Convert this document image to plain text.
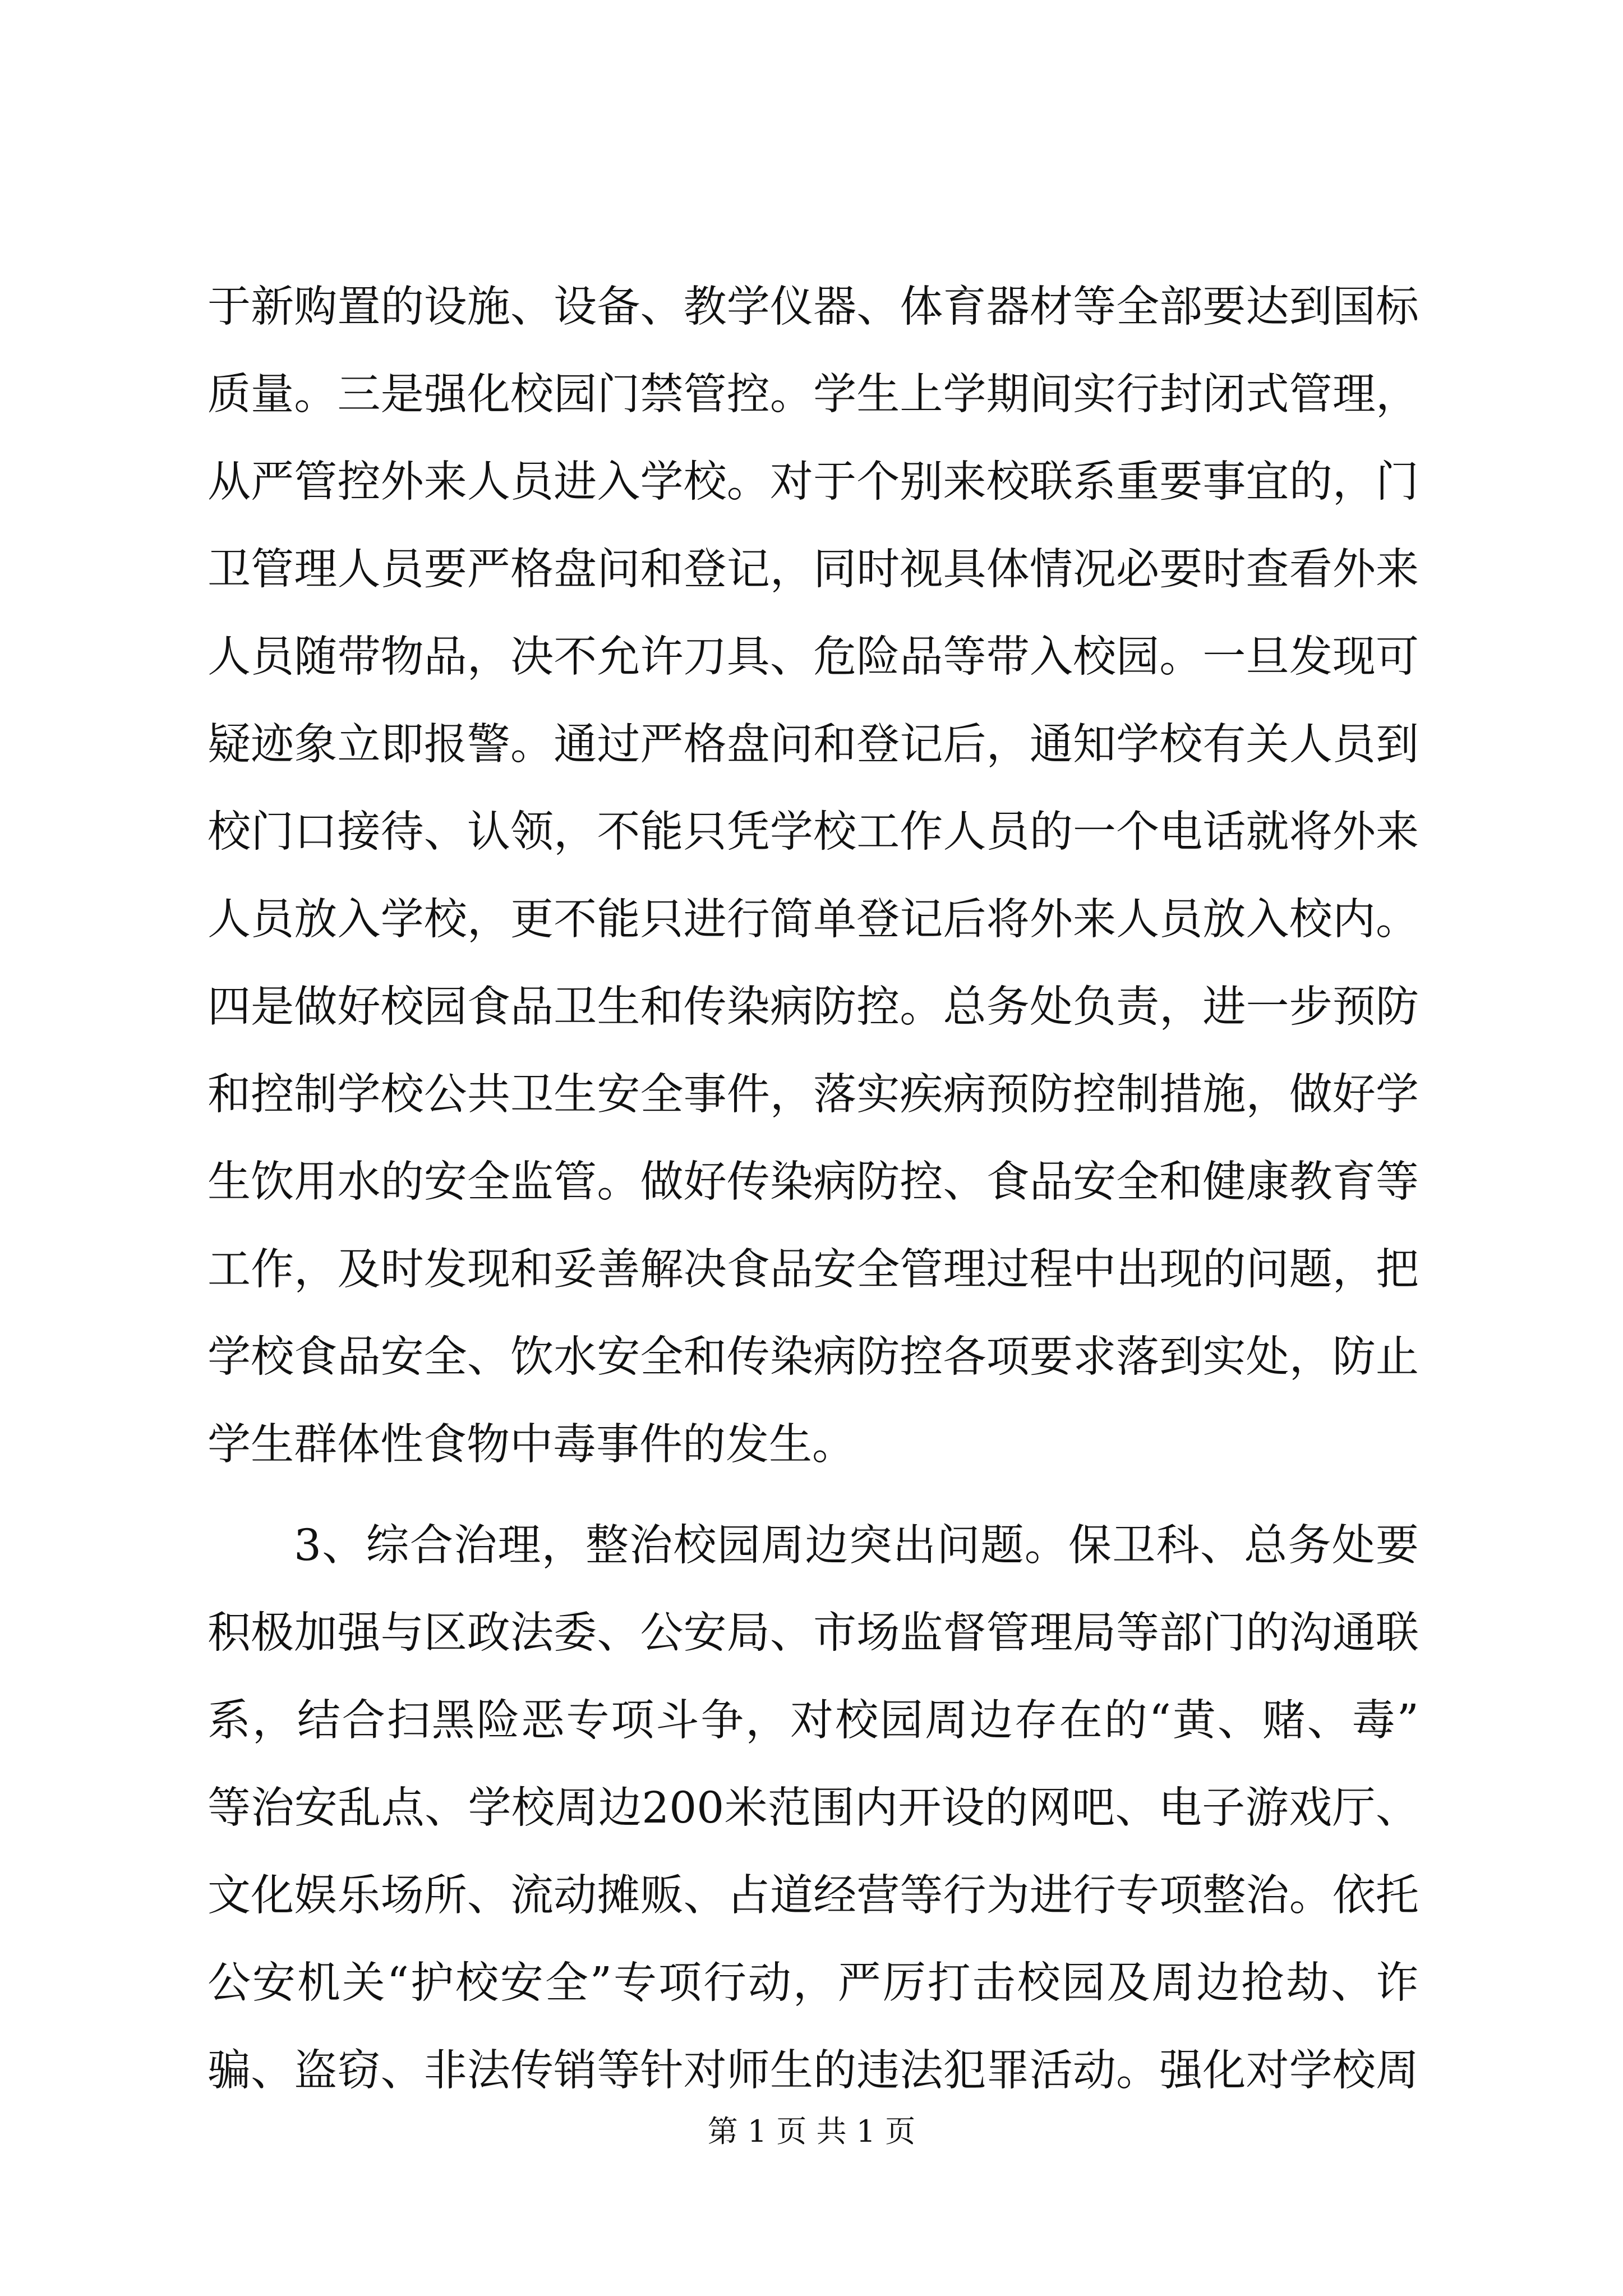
于新购置的设施、设备、教学仪器、体育器材等全部要达到国标
质量。三是强化校园门禁管控。学生上学期间实行封闭式管理，
从严管控外来人员进入学校。对于个别来校联系重要事宜的，门
卫管理人员要严格盘问和登记，同时视具体情况必要时查看外来
人员随带物品，决不允许刀具、危险品等带入校园。一旦发现可
疑迹象立即报警。通过严格盘问和登记后，通知学校有关人员到
校门口接待、认领，不能只凭学校工作人员的一个电话就将外来
人员放入学校，更不能只进行简单登记后将外来人员放入校内。
四是做好校园食品卫生和传染病防控。总务处负责，进一步预防
和控制学校公共卫生安全事件，落实疾病预防控制措施，做好学
生饮用水的安全监管。做好传染病防控、食品安全和健康教育等
工作，及时发现和妥善解决食品安全管理过程中出现的问题，把
学校食品安全、饮水安全和传染病防控各项要求落到实处，防止
学生群体性食物中毒事件的发生。
3、综合治理，整治校园周边突出问题。保卫科、总务处要
积极加强与区政法委、公安局、市场监督管理局等部门的沟通联
系，结合扫黑险恶专项斗争，对校园周边存在的“黄、赌、毒”
等治安乱点、学校周边200米范围内开设的网吧、电子游戏厅、
文化娱乐场所、流动摊贩、占道经营等行为进行专项整治。依托
公安机关“护校安全”专项行动，严厉打击校园及周边抢劫、诈
骗、盗窃、非法传销等针对师生的违法犯罪活动。强化对学校周
第 1 页 共 1 页
